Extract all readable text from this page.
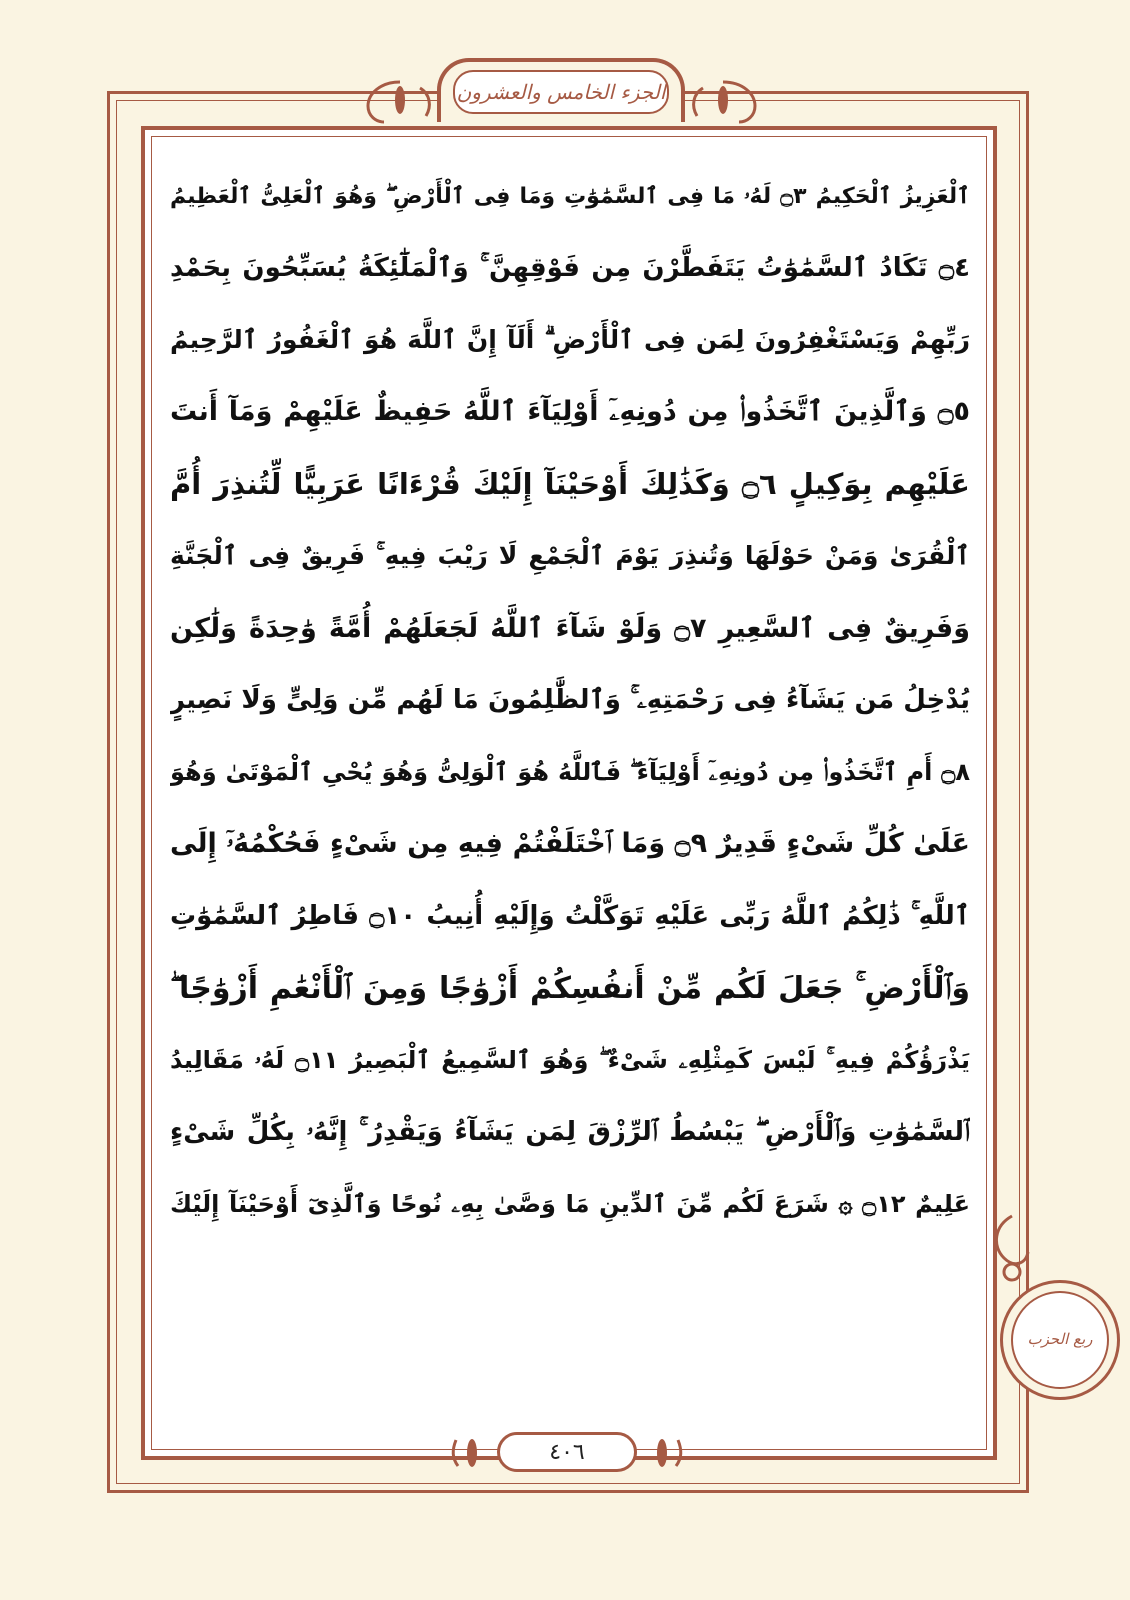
الجزء الخامس والعشرون
ٱلْعَزِيزُ ٱلْحَكِيمُ ۝٣ لَهُۥ مَا فِى ٱلسَّمَٰوَٰتِ وَمَا فِى ٱلْأَرْضِ ۖ وَهُوَ ٱلْعَلِىُّ ٱلْعَظِيمُ
۝٤ تَكَادُ ٱلسَّمَٰوَٰتُ يَتَفَطَّرْنَ مِن فَوْقِهِنَّ ۚ وَٱلْمَلَٰٓئِكَةُ يُسَبِّحُونَ بِحَمْدِ
رَبِّهِمْ وَيَسْتَغْفِرُونَ لِمَن فِى ٱلْأَرْضِ ۗ أَلَآ إِنَّ ٱللَّهَ هُوَ ٱلْغَفُورُ ٱلرَّحِيمُ
۝٥ وَٱلَّذِينَ ٱتَّخَذُوا۟ مِن دُونِهِۦٓ أَوْلِيَآءَ ٱللَّهُ حَفِيظٌ عَلَيْهِمْ وَمَآ أَنتَ
عَلَيْهِم بِوَكِيلٍ ۝٦ وَكَذَٰلِكَ أَوْحَيْنَآ إِلَيْكَ قُرْءَانًا عَرَبِيًّا لِّتُنذِرَ أُمَّ
ٱلْقُرَىٰ وَمَنْ حَوْلَهَا وَتُنذِرَ يَوْمَ ٱلْجَمْعِ لَا رَيْبَ فِيهِ ۚ فَرِيقٌ فِى ٱلْجَنَّةِ
وَفَرِيقٌ فِى ٱلسَّعِيرِ ۝٧ وَلَوْ شَآءَ ٱللَّهُ لَجَعَلَهُمْ أُمَّةً وَٰحِدَةً وَلَٰكِن
يُدْخِلُ مَن يَشَآءُ فِى رَحْمَتِهِۦ ۚ وَٱلظَّٰلِمُونَ مَا لَهُم مِّن وَلِىٍّ وَلَا نَصِيرٍ
۝٨ أَمِ ٱتَّخَذُوا۟ مِن دُونِهِۦٓ أَوْلِيَآءَ ۖ فَٱللَّهُ هُوَ ٱلْوَلِىُّ وَهُوَ يُحْىِ ٱلْمَوْتَىٰ وَهُوَ
عَلَىٰ كُلِّ شَىْءٍ قَدِيرٌ ۝٩ وَمَا ٱخْتَلَفْتُمْ فِيهِ مِن شَىْءٍ فَحُكْمُهُۥٓ إِلَى
ٱللَّهِ ۚ ذَٰلِكُمُ ٱللَّهُ رَبِّى عَلَيْهِ تَوَكَّلْتُ وَإِلَيْهِ أُنِيبُ ۝١٠ فَاطِرُ ٱلسَّمَٰوَٰتِ
وَٱلْأَرْضِ ۚ جَعَلَ لَكُم مِّنْ أَنفُسِكُمْ أَزْوَٰجًا وَمِنَ ٱلْأَنْعَٰمِ أَزْوَٰجًا ۖ
يَذْرَؤُكُمْ فِيهِ ۚ لَيْسَ كَمِثْلِهِۦ شَىْءٌ ۖ وَهُوَ ٱلسَّمِيعُ ٱلْبَصِيرُ ۝١١ لَهُۥ مَقَالِيدُ
ٱلسَّمَٰوَٰتِ وَٱلْأَرْضِ ۖ يَبْسُطُ ٱلرِّزْقَ لِمَن يَشَآءُ وَيَقْدِرُ ۚ إِنَّهُۥ بِكُلِّ شَىْءٍ
عَلِيمٌ ۝١٢ ۞ شَرَعَ لَكُم مِّنَ ٱلدِّينِ مَا وَصَّىٰ بِهِۦ نُوحًا وَٱلَّذِىٓ أَوْحَيْنَآ إِلَيْكَ
٤٠٦
ربع الحزب
